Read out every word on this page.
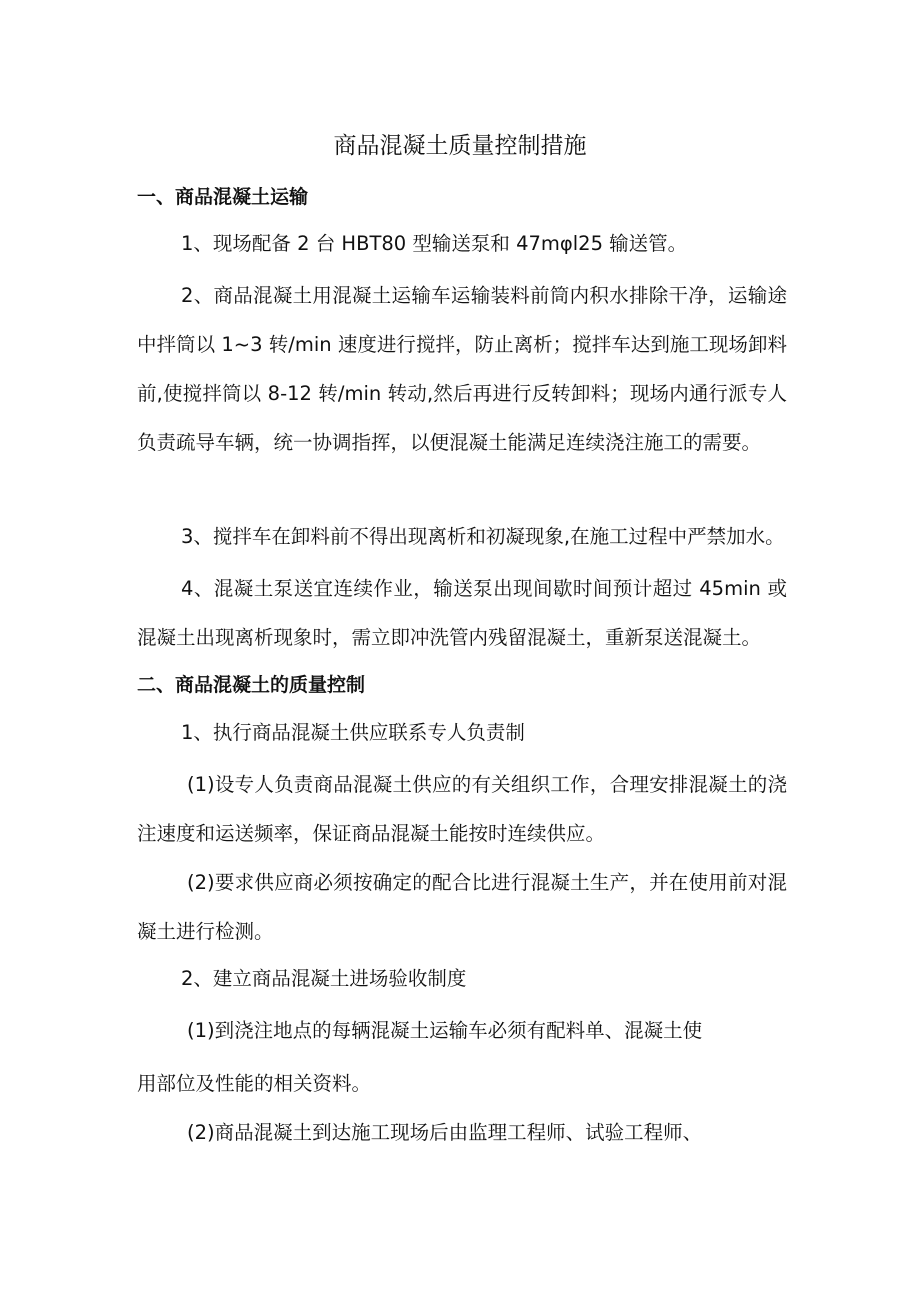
商品混凝土质量控制措施
一、商品混凝土运输
1、现场配备 2 台 HBT80 型输送泵和 47mφl25 输送管。

2、商品混凝土用混凝土运输车运输装料前筒内积水排除干净，运输途中拌筒以 1~3 转/min 速度进行搅拌，防止离析；搅拌车达到施工现场卸料前,使搅拌筒以 8-12 转/min 转动,然后再进行反转卸料；现场内通行派专人负责疏导车辆，统一协调指挥，以便混凝土能满足连续浇注施工的需要。

3、搅拌车在卸料前不得出现离析和初凝现象,在施工过程中严禁加水。

4、混凝土泵送宜连续作业，输送泵出现间歇时间预计超过 45min 或混凝土出现离析现象时，需立即冲洗管内残留混凝土，重新泵送混凝土。

二、商品混凝土的质量控制
1、执行商品混凝土供应联系专人负责制

(1)设专人负责商品混凝土供应的有关组织工作，合理安排混凝土的浇注速度和运送频率，保证商品混凝土能按时连续供应。

(2)要求供应商必须按确定的配合比进行混凝土生产，并在使用前对混凝土进行检测。

2、建立商品混凝土进场验收制度
(1)到浇注地点的每辆混凝土运输车必须有配料单、混凝土使
用部位及性能的相关资料。
(2)商品混凝土到达施工现场后由监理工程师、试验工程师、
